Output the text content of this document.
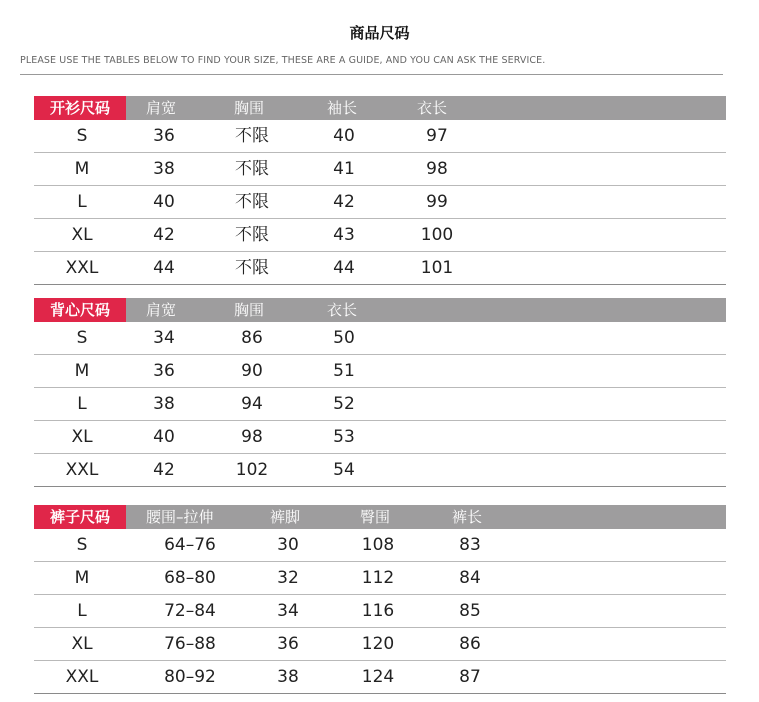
商品尺码
PLEASE USE THE TABLES BELOW TO FIND YOUR SIZE, THESE ARE A GUIDE, AND YOU CAN ASK THE SERVICE.
开衫尺码	肩宽	胸围	袖长	衣长
S	36	不限	40	97
M	38	不限	41	98
L	40	不限	42	99
XL	42	不限	43	100
XXL	44	不限	44	101
背心尺码	肩宽	胸围	衣长
S	34	86	50
M	36	90	51
L	38	94	52
XL	40	98	53
XXL	42	102	54
裤子尺码	腰围–拉伸	裤脚	臀围	裤长
S	64–76	30	108	83
M	68–80	32	112	84
L	72–84	34	116	85
XL	76–88	36	120	86
XXL	80–92	38	124	87
